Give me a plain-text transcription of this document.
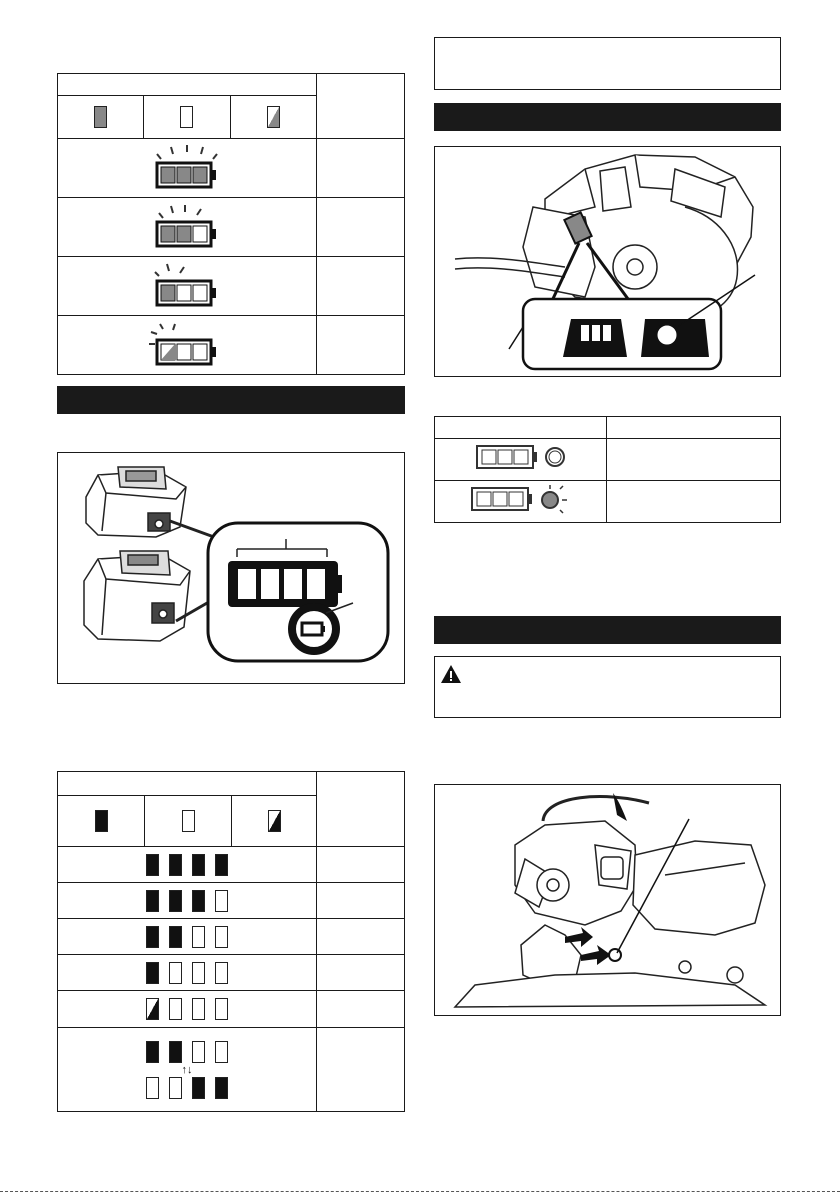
↑↓			
